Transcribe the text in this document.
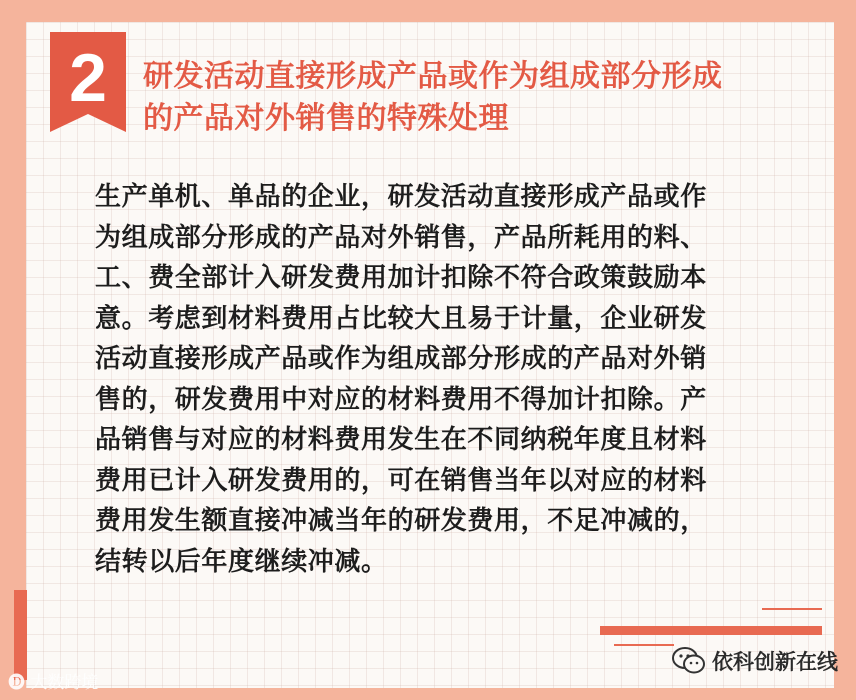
2	研发活动直接形成产品或作为组成部分形成
的产品对外销售的特殊处理
生产单机、单品的企业，研发活动直接形成产品或作
为组成部分形成的产品对外销售，产品所耗用的料、
工、费全部计入研发费用加计扣除不符合政策鼓励本
意。考虑到材料费用占比较大且易于计量，企业研发
活动直接形成产品或作为组成部分形成的产品对外销
售的，研发费用中对应的材料费用不得加计扣除。产
品销售与对应的材料费用发生在不同纳税年度且材料
费用已计入研发费用的，可在销售当年以对应的材料
费用发生额直接冲减当年的研发费用，不足冲减的，
结转以后年度继续冲减。
🅓 大数跨境
依科创新在线
